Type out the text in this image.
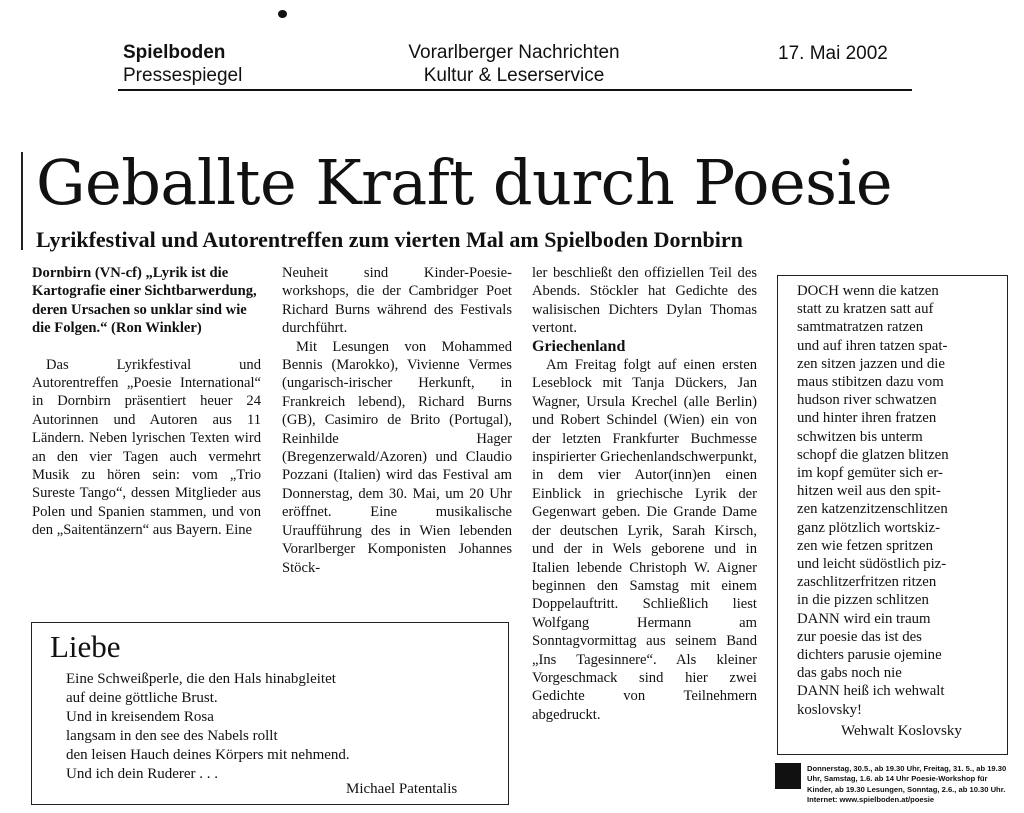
Spielboden
Pressespiegel
Vorarlberger Nachrichten
Kultur & Leserservice
17. Mai 2002
Geballte Kraft durch Poesie
Lyrikfestival und Autorentreffen zum vierten Mal am Spielboden Dornbirn

Dornbirn (VN-cf) „Lyrik ist die Kartografie einer Sichtbarwerdung, deren Ursachen so unklar sind wie die Folgen.“ (Ron Winkler)

Das Lyrikfestival und Autorentreffen „Poesie International“ in Dornbirn präsentiert heuer 24 Autorinnen und Autoren aus 11 Ländern. Neben lyrischen Texten wird an den vier Tagen auch vermehrt Musik zu hören sein: vom „Trio Sureste Tango“, dessen Mitglieder aus Polen und Spanien stammen, und von den „Saitentänzern“ aus Bayern. Eine

Neuheit sind Kinder-Poesie-workshops, die der Cambridger Poet Richard Burns während des Festivals durchführt.

Mit Lesungen von Mohammed Bennis (Marokko), Vivienne Vermes (ungarisch-irischer Herkunft, in Frankreich lebend), Richard Burns (GB), Casimiro de Brito (Portugal), Reinhilde Hager (Bregenzerwald/Azoren) und Claudio Pozzani (Italien) wird das Festival am Donnerstag, dem 30. Mai, um 20 Uhr eröffnet. Eine musikalische Uraufführung des in Wien lebenden Vorarlberger Komponisten Johannes Stöck-

ler beschließt den offiziellen Teil des Abends. Stöckler hat Gedichte des walisischen Dichters Dylan Thomas vertont.

Griechenland

Am Freitag folgt auf einen ersten Leseblock mit Tanja Dückers, Jan Wagner, Ursula Krechel (alle Berlin) und Robert Schindel (Wien) ein von der letzten Frankfurter Buchmesse inspirierter Griechenlandschwerpunkt, in dem vier Autor(inn)en einen Einblick in griechische Lyrik der Gegenwart geben. Die Grande Dame der deutschen Lyrik, Sarah Kirsch, und der in Wels geborene und in Italien lebende Christoph W. Aigner beginnen den Samstag mit einem Doppelauftritt. Schließlich liest Wolfgang Hermann am Sonntagvormittag aus seinem Band „Ins Tagesinnere“. Als kleiner Vorgeschmack sind hier zwei Gedichte von Teilnehmern abgedruckt.

Liebe
Eine Schweißperle, die den Hals hinabgleitet
auf deine göttliche Brust.
Und in kreisendem Rosa
langsam in den see des Nabels rollt
den leisen Hauch deines Körpers mit nehmend.
Und ich dein Ruderer . . .
Michael Patentalis
DOCH wenn die katzen
statt zu kratzen satt auf
samtmatratzen ratzen
und auf ihren tatzen spat-
zen sitzen jazzen und die
maus stibitzen dazu vom
hudson river schwatzen
und hinter ihren fratzen
schwitzen bis unterm
schopf die glatzen blitzen
im kopf gemüter sich er-
hitzen weil aus den spit-
zen katzenzitzenschlitzen
ganz plötzlich wortskiz-
zen wie fetzen spritzen
und leicht südöstlich piz-
zaschlitzerfritzen ritzen
in die pizzen schlitzen
DANN wird ein traum
zur poesie das ist des
dichters parusie ojemine
das gabs noch nie
DANN heiß ich wehwalt
koslovsky!
Wehwalt Koslovsky
Donnerstag, 30.5., ab 19.30 Uhr, Freitag, 31. 5., ab 19.30 Uhr, Samstag, 1.6. ab 14 Uhr Poesie-Workshop für Kinder, ab 19.30 Lesungen, Sonntag, 2.6., ab 10.30 Uhr. Internet: www.spielboden.at/poesie
